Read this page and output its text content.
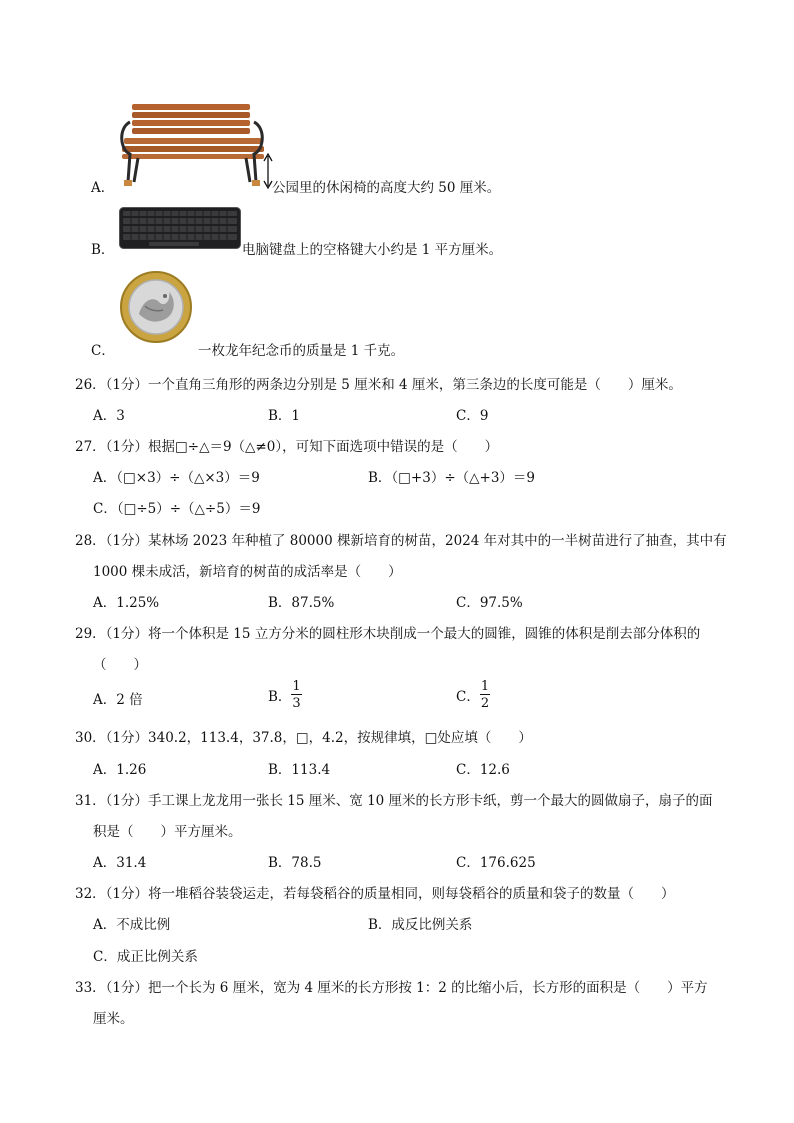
A．	公园里的休闲椅的高度大约 50 厘米。
B．	电脑键盘上的空格键大小约是 1 平方厘米。
C．	一枚龙年纪念币的质量是 1 千克。
26．（1分）一个直角三角形的两条边分别是 5 厘米和 4 厘米，第三条边的长度可能是（　　）厘米。
A．3	B．1	C．9
27．（1分）根据□÷△＝9（△≠0），可知下面选项中错误的是（　　）
A．（□×3）÷（△×3）＝9	B．（□+3）÷（△+3）＝9
C．（□÷5）÷（△÷5）＝9
28．（1分）某林场 2023 年种植了 80000 棵新培育的树苗，2024 年对其中的一半树苗进行了抽查，其中有
1000 棵未成活，新培育的树苗的成活率是（　　）
A．1.25%	B．87.5%	C．97.5%
29．（1分）将一个体积是 15 立方分米的圆柱形木块削成一个最大的圆锥，圆锥的体积是削去部分体积的
（　　）
A．2 倍	B． $\frac{1}{3}$	C． $\frac{1}{2}$
30．（1分）340.2，113.4，37.8，□，4.2，按规律填，□处应填（　　）
A．1.26	B．113.4	C．12.6
31．（1分）手工课上龙龙用一张长 15 厘米、宽 10 厘米的长方形卡纸，剪一个最大的圆做扇子，扇子的面
积是（　　）平方厘米。
A．31.4	B．78.5	C．176.625
32．（1分）将一堆稻谷装袋运走，若每袋稻谷的质量相同，则每袋稻谷的质量和袋子的数量（　　）
A．不成比例	B．成反比例关系
C．成正比例关系
33．（1分）把一个长为 6 厘米，宽为 4 厘米的长方形按 1：2 的比缩小后，长方形的面积是（　　）平方
厘米。
